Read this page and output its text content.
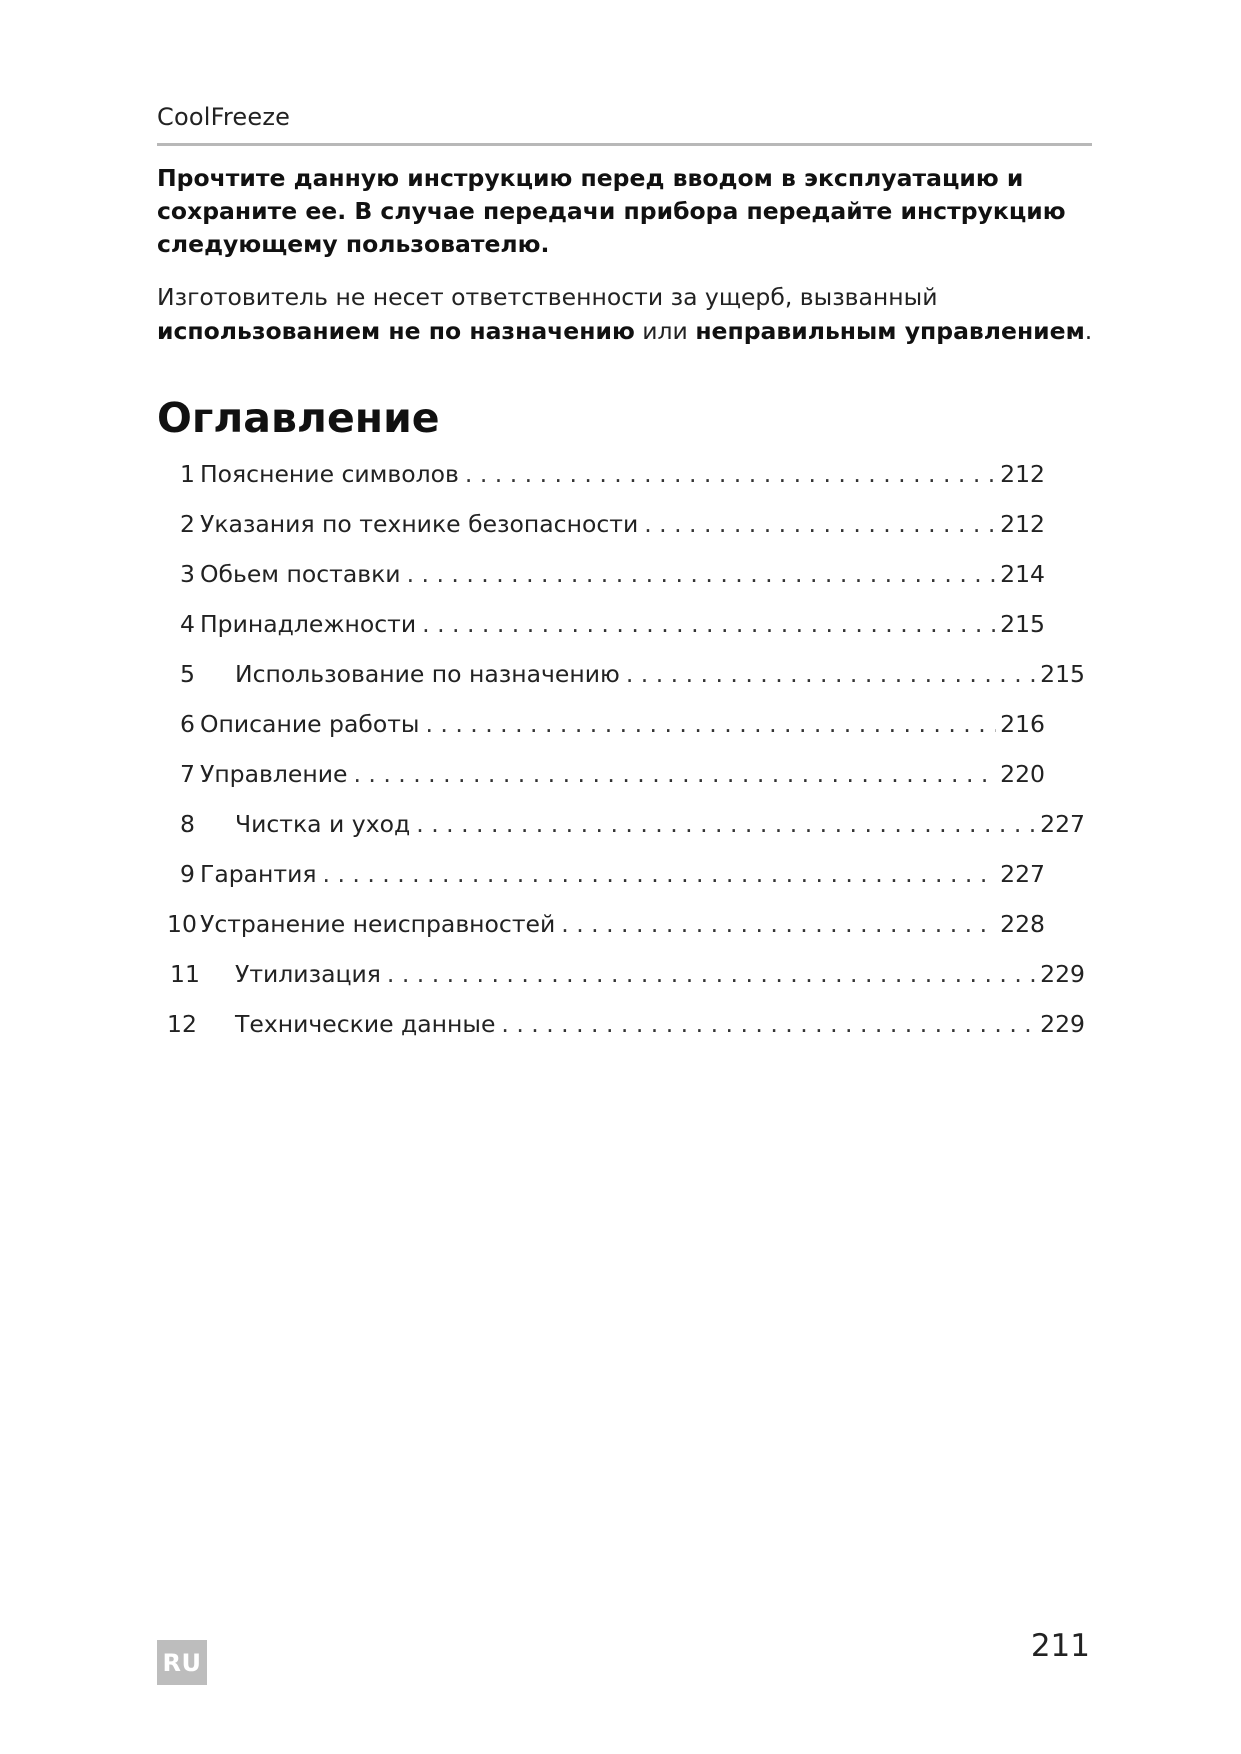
CoolFreeze
Прочтите данную инструкцию перед вводом в эксплуатацию и сохраните ее. В случае передачи прибора передайте инструкцию следующему пользователю.
Изготовитель не несет ответственности за ущерб, вызванный использованием не по назначению или неправильным управлением.
Оглавление
1 Пояснение символов . . .	212
2 Указания по технике безопасности . . .	212
3 Обьем поставки . . .	214
4 Принадлежности . . .	215
5	Использование по назначению . . .	215
6 Описание работы . . .	216
7 Управление . . .	220
8	Чистка и уход . . .	227
9 Гарантия . . .	227
10 Устранение неисправностей . . .	228
11	Утилизация . . .	229
12	Технические данные . . .	229
RU	211
